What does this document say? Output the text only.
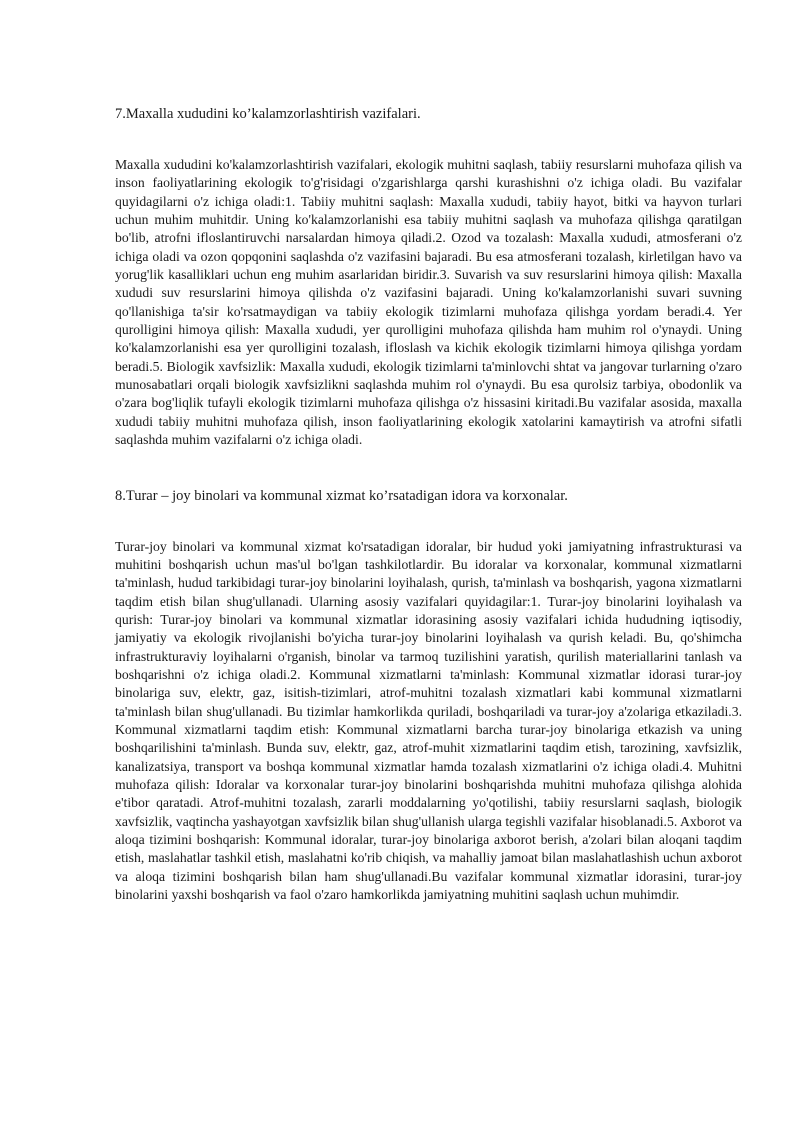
7.Maxalla xududini ko’kalamzorlashtirish vazifalari.

Maxalla xududini ko'kalamzorlashtirish vazifalari, ekologik muhitni saqlash, tabiiy resurslarni muhofaza qilish va inson faoliyatlarining ekologik to'g'risidagi o'zgarishlarga qarshi kurashishni o'z ichiga oladi. Bu vazifalar quyidagilarni o'z ichiga oladi:1. Tabiiy muhitni saqlash: Maxalla xududi, tabiiy hayot, bitki va hayvon turlari uchun muhim muhitdir. Uning ko'kalamzorlanishi esa tabiiy muhitni saqlash va muhofaza qilishga qaratilgan bo'lib, atrofni ifloslantiruvchi narsalardan himoya qiladi.2. Ozod va tozalash: Maxalla xududi, atmosferani o'z ichiga oladi va ozon qopqonini saqlashda o'z vazifasini bajaradi. Bu esa atmosferani tozalash, kirletilgan havo va yorug'lik kasalliklari uchun eng muhim asarlaridan biridir.3. Suvarish va suv resurslarini himoya qilish: Maxalla xududi suv resurslarini himoya qilishda o'z vazifasini bajaradi. Uning ko'kalamzorlanishi suvari suvning qo'llanishiga ta'sir ko'rsatmaydigan va tabiiy ekologik tizimlarni muhofaza qilishga yordam beradi.4. Yer qurolligini himoya qilish: Maxalla xududi, yer qurolligini muhofaza qilishda ham muhim rol o'ynaydi. Uning ko'kalamzorlanishi esa yer qurolligini tozalash, ifloslash va kichik ekologik tizimlarni himoya qilishga yordam beradi.5. Biologik xavfsizlik: Maxalla xududi, ekologik tizimlarni ta'minlovchi shtat va jangovar turlarning o'zaro munosabatlari orqali biologik xavfsizlikni saqlashda muhim rol o'ynaydi. Bu esa qurolsiz tarbiya, obodonlik va o'zara bog'liqlik tufayli ekologik tizimlarni muhofaza qilishga o'z hissasini kiritadi.Bu vazifalar asosida, maxalla xududi tabiiy muhitni muhofaza qilish, inson faoliyatlarining ekologik xatolarini kamaytirish va atrofni sifatli saqlashda muhim vazifalarni o'z ichiga oladi.

8.Turar – joy binolari va kommunal xizmat ko’rsatadigan idora va korxonalar.

Turar-joy binolari va kommunal xizmat ko'rsatadigan idoralar, bir hudud yoki jamiyatning infrastrukturasi va muhitini boshqarish uchun mas'ul bo'lgan tashkilotlardir. Bu idoralar va korxonalar, kommunal xizmatlarni ta'minlash, hudud tarkibidagi turar-joy binolarini loyihalash, qurish, ta'minlash va boshqarish, yagona xizmatlarni taqdim etish bilan shug'ullanadi. Ularning asosiy vazifalari quyidagilar:1. Turar-joy binolarini loyihalash va qurish: Turar-joy binolari va kommunal xizmatlar idorasining asosiy vazifalari ichida hududning iqtisodiy, jamiyatiy va ekologik rivojlanishi bo'yicha turar-joy binolarini loyihalash va qurish keladi. Bu, qo'shimcha infrastrukturaviy loyihalarni o'rganish, binolar va tarmoq tuzilishini yaratish, qurilish materiallarini tanlash va boshqarishni o'z ichiga oladi.2. Kommunal xizmatlarni ta'minlash: Kommunal xizmatlar idorasi turar-joy binolariga suv, elektr, gaz, isitish-tizimlari, atrof-muhitni tozalash xizmatlari kabi kommunal xizmatlarni ta'minlash bilan shug'ullanadi. Bu tizimlar hamkorlikda quriladi, boshqariladi va turar-joy a'zolariga etkaziladi.3. Kommunal xizmatlarni taqdim etish: Kommunal xizmatlarni barcha turar-joy binolariga etkazish va uning boshqarilishini ta'minlash. Bunda suv, elektr, gaz, atrof-muhit xizmatlarini taqdim etish, tarozining, xavfsizlik, kanalizatsiya, transport va boshqa kommunal xizmatlar hamda tozalash xizmatlarini o'z ichiga oladi.4. Muhitni muhofaza qilish: Idoralar va korxonalar turar-joy binolarini boshqarishda muhitni muhofaza qilishga alohida e'tibor qaratadi. Atrof-muhitni tozalash, zararli moddalarning yo'qotilishi, tabiiy resurslarni saqlash, biologik xavfsizlik, vaqtincha yashayotgan xavfsizlik bilan shug'ullanish ularga tegishli vazifalar hisoblanadi.5. Axborot va aloqa tizimini boshqarish: Kommunal idoralar, turar-joy binolariga axborot berish, a'zolari bilan aloqani taqdim etish, maslahatlar tashkil etish, maslahatni ko'rib chiqish, va mahalliy jamoat bilan maslahatlashish uchun axborot va aloqa tizimini boshqarish bilan ham shug'ullanadi.Bu vazifalar kommunal xizmatlar idorasini, turar-joy binolarini yaxshi boshqarish va faol o'zaro hamkorlikda jamiyatning muhitini saqlash uchun muhimdir.
